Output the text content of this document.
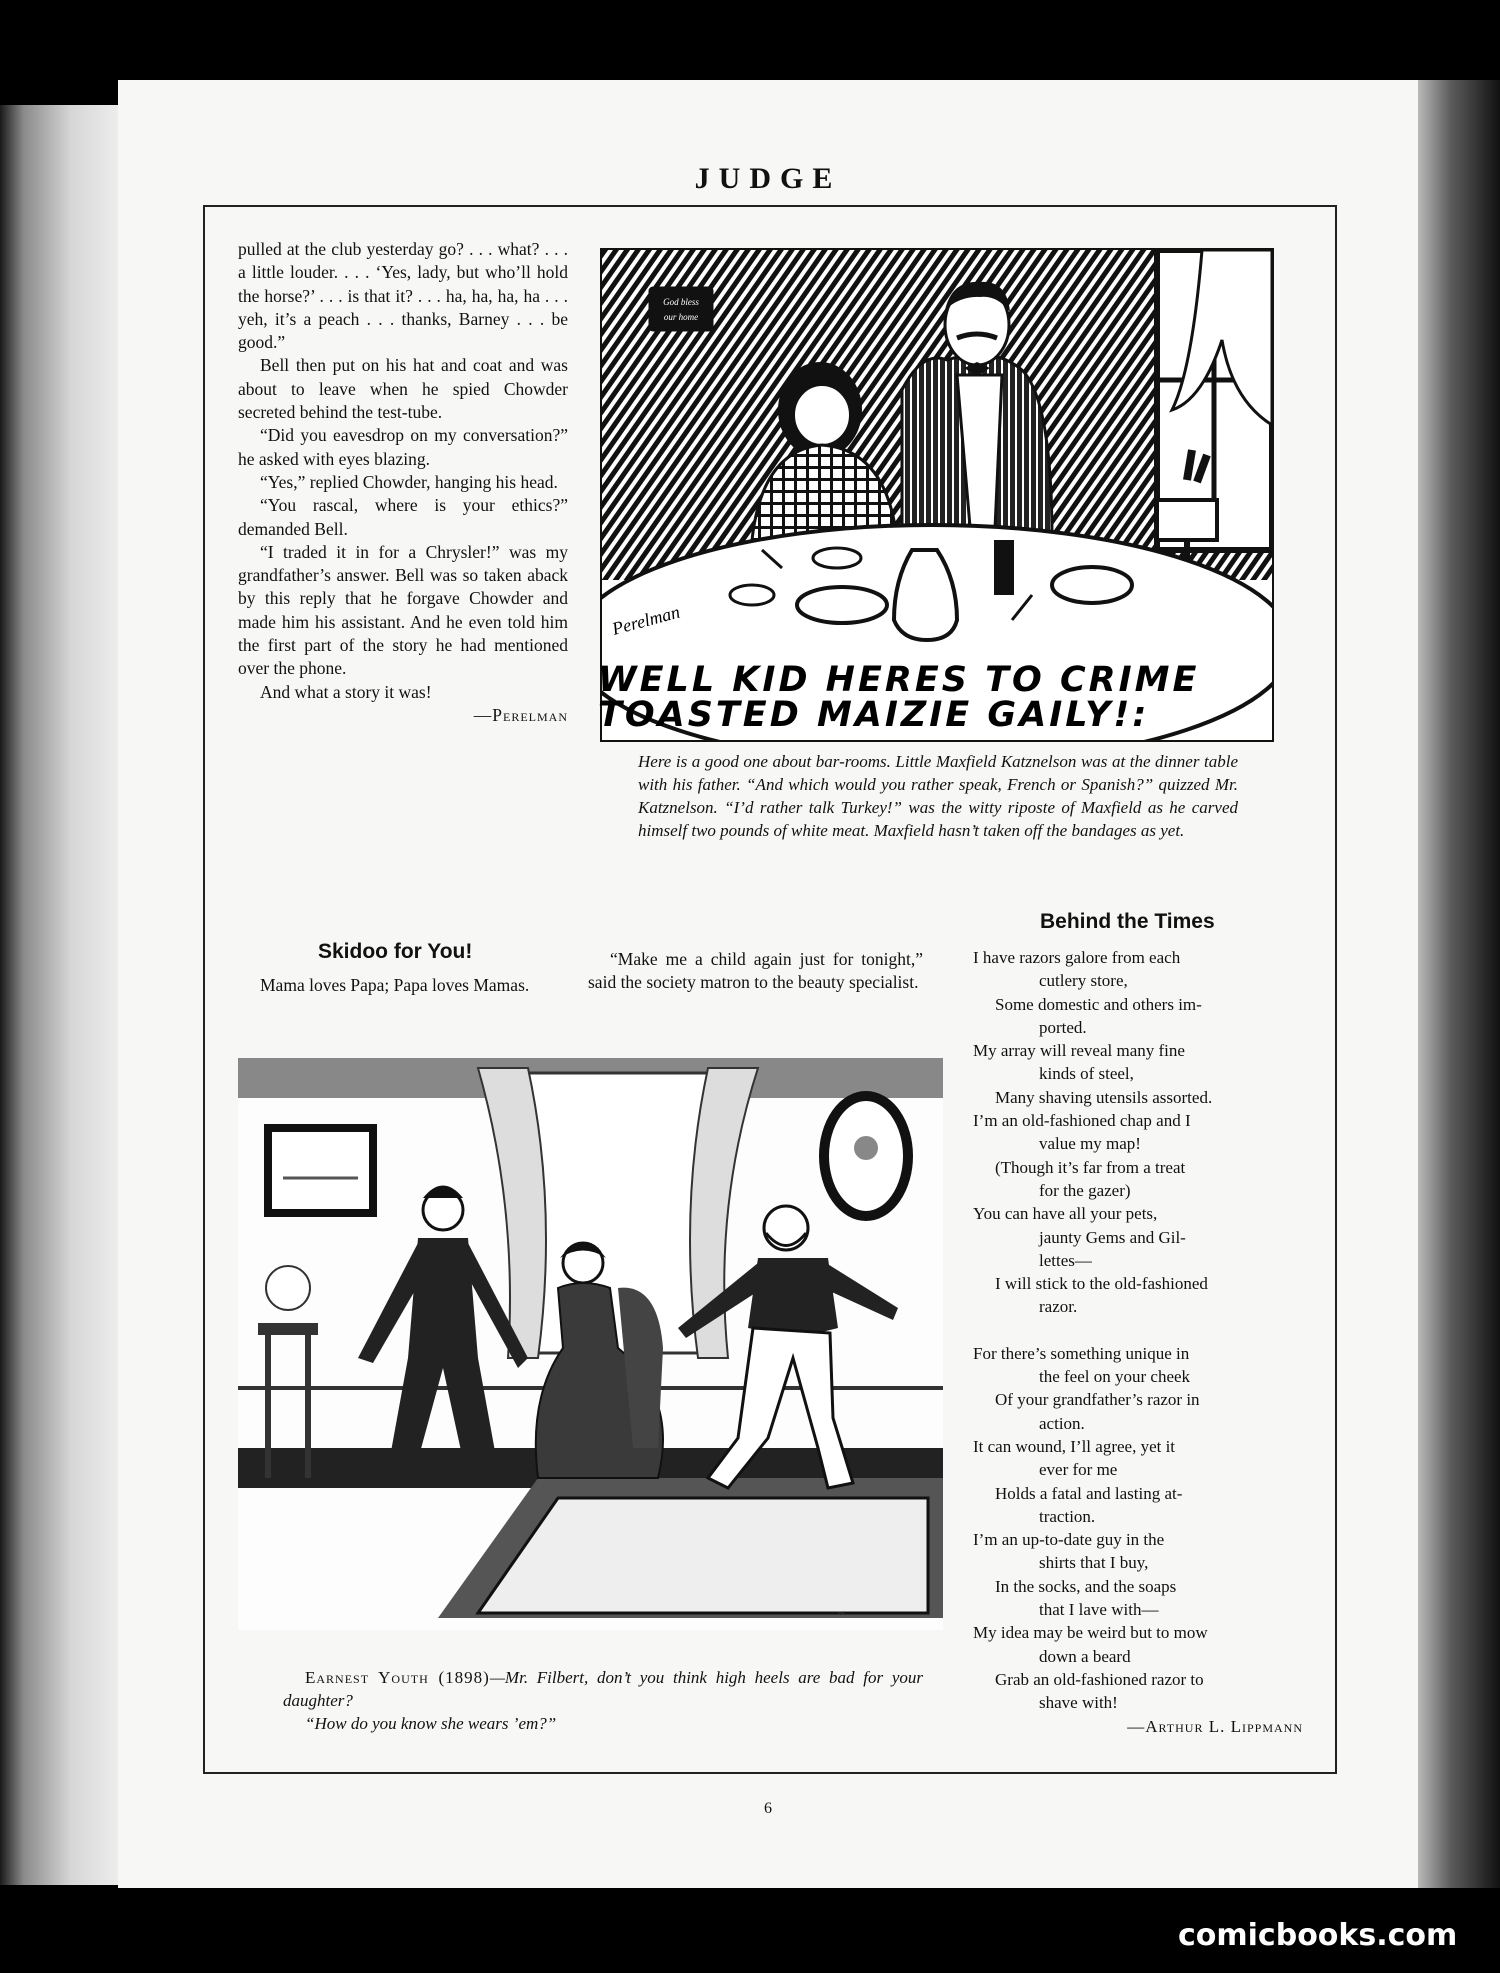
JUDGE

pulled at the club yesterday go? . . . what? . . . a little louder. . . . ‘Yes, lady, but who’ll hold the horse?’ . . . is that it? . . . ha, ha, ha, ha . . . yeh, it’s a peach . . . thanks, Barney . . . be good.”

Bell then put on his hat and coat and was about to leave when he spied Chowder secreted behind the test-tube.

“Did you eavesdrop on my conversation?” he asked with eyes blazing.

“Yes,” replied Chowder, hanging his head.

“You rascal, where is your ethics?” demanded Bell.

“I traded it in for a Chrysler!” was my grandfather’s answer. Bell was so taken aback by this reply that he forgave Chowder and made him his assistant. And he even told him the first part of the story he had mentioned over the phone.

And what a story it was!

—Perelman
God bless
our home
Perelman
WELL KID HERES TO CRIME
TOASTED MAIZIE GAILY!:
Here is a good one about bar-rooms. Little Maxfield Katznelson was at the dinner table with his father. “And which would you rather speak, French or Spanish?” quizzed Mr. Katznelson. “I’d rather talk Turkey!” was the witty riposte of Maxfield as he carved himself two pounds of white meat. Maxfield hasn’t taken off the bandages as yet.
Skidoo for You!

Mama loves Papa; Papa loves Mamas.

“Make me a child again just for tonight,” said the society matron to the beauty specialist.

~
Earnest Youth (1898)—Mr. Filbert, don’t you think high heels are bad for your daughter?
“How do you know she wears ’em?”
Behind the Times
I have razors galore from each
cutlery store,
Some domestic and others im-
ported.
My array will reveal many fine
kinds of steel,
Many shaving utensils assorted.
I’m an old-fashioned chap and I
value my map!
(Though it’s far from a treat
for the gazer)
You can have all your pets,
jaunty Gems and Gil-
lettes—
I will stick to the old-fashioned
razor.
For there’s something unique in
the feel on your cheek
Of your grandfather’s razor in
action.
It can wound, I’ll agree, yet it
ever for me
Holds a fatal and lasting at-
traction.
I’m an up-to-date guy in the
shirts that I buy,
In the socks, and the soaps
that I lave with—
My idea may be weird but to mow
down a beard
Grab an old-fashioned razor to
shave with!
—Arthur L. Lippmann
6
comicbooks.com
